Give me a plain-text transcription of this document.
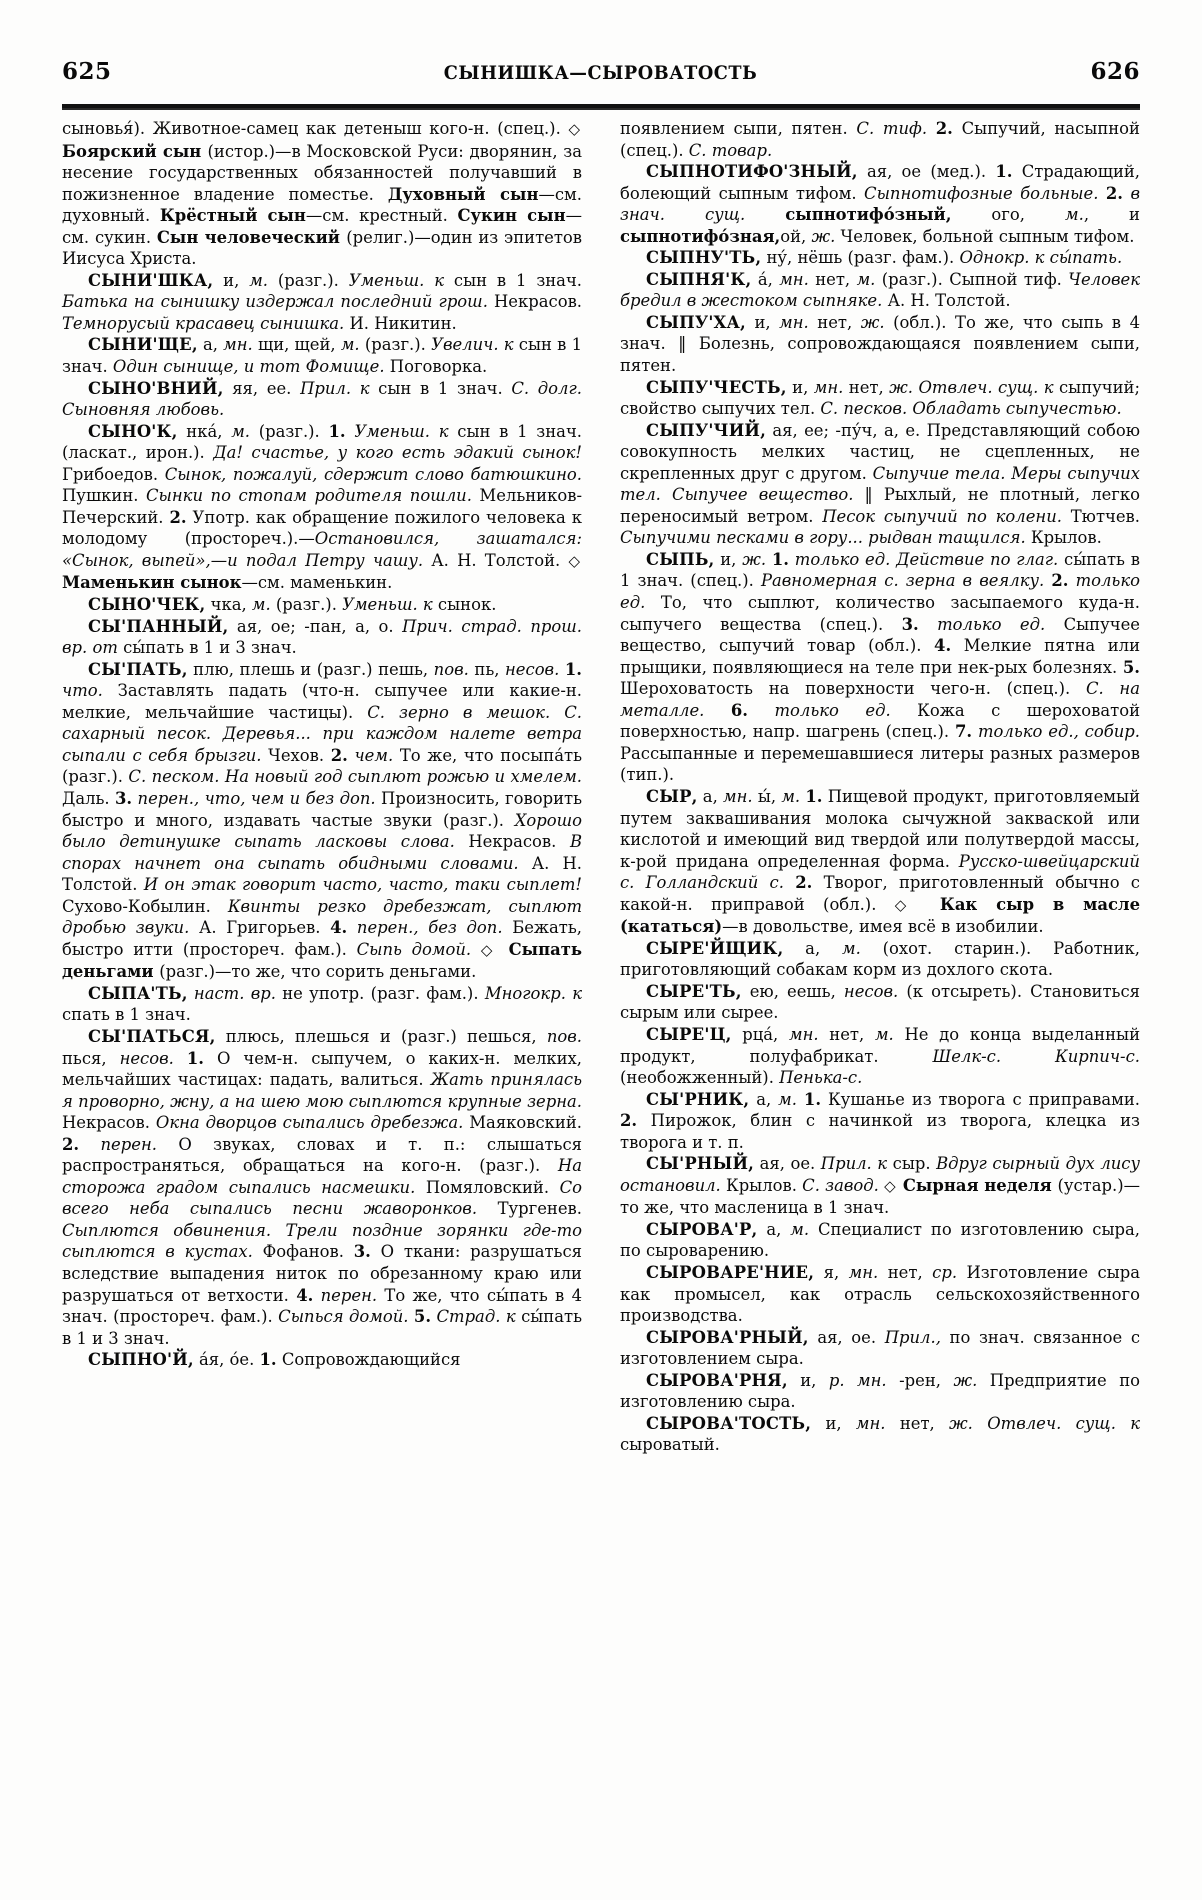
625	СЫНИШКА—СЫРОВАТОСТЬ	626

сыновья́). Животное-самец как детеныш кого-н. (спец.). ◇ Боярский сын (истор.)—в Московской Руси: дворянин, за несение государственных обязанностей получавший в пожизненное владение поместье. Духовный сын—см. духовный. Крёстный сын—см. крестный. Сукин сын—см. сукин. Сын человеческий (религ.)—один из эпитетов Иисуса Христа.

СЫНИ'ШКА, и, м. (разг.). Уменьш. к сын в 1 знач. Батька на сынишку издержал последний грош. Некрасов. Темнорусый красавец сынишка. И. Никитин.

СЫНИ'ЩЕ, а, мн. щи, щей, м. (разг.). Увелич. к сын в 1 знач. Один сынище, и тот Фомище. Поговорка.

СЫНО'ВНИЙ, яя, ее. Прил. к сын в 1 знач. С. долг. Сыновняя любовь.

СЫНО'К, нка́, м. (разг.). 1. Уменьш. к сын в 1 знач. (ласкат., ирон.). Да! счастье, у кого есть эдакий сынок! Грибоедов. Сынок, пожалуй, сдержит слово батюшкино. Пушкин. Сынки по стопам родителя пошли. Мельников-Печерский. 2. Употр. как обращение пожилого человека к молодому (простореч.).—Остановился, зашатался: «Сынок, выпей»,—и подал Петру чашу. А. Н. Толстой. ◇ Маменькин сынок—см. маменькин.

СЫНО'ЧЕК, чка, м. (разг.). Уменьш. к сынок.

СЫ'ПАННЫЙ, ая, ое; -пан, а, о. Прич. страд. прош. вр. от сы́пать в 1 и 3 знач.

СЫ'ПАТЬ, плю, плешь и (разг.) пешь, пов. пь, несов. 1. что. Заставлять падать (что-н. сыпучее или какие-н. мелкие, мельчайшие частицы). С. зерно в мешок. С. сахарный песок. Деревья... при каждом налете ветра сыпали с себя брызги. Чехов. 2. чем. То же, что посыпа́ть (разг.). С. песком. На новый год сыплют рожью и хмелем. Даль. 3. перен., что, чем и без доп. Произносить, говорить быстро и много, издавать частые звуки (разг.). Хорошо было детинушке сыпать ласковы слова. Некрасов. В спорах начнет она сыпать обидными словами. А. Н. Толстой. И он этак говорит часто, часто, таки сыплет! Сухово-Кобылин. Квинты резко дребезжат, сыплют дробью звуки. А. Григорьев. 4. перен., без доп. Бежать, быстро итти (простореч. фам.). Сыпь домой. ◇ Сыпать деньгами (разг.)—то же, что сорить деньгами.

СЫПА'ТЬ, наст. вр. не употр. (разг. фам.). Многокр. к спать в 1 знач.

СЫ'ПАТЬСЯ, плюсь, плешься и (разг.) пешься, пов. пься, несов. 1. О чем-н. сыпучем, о каких-н. мелких, мельчайших частицах: падать, валиться. Жать принялась я проворно, жну, а на шею мою сыплются крупные зерна. Некрасов. Окна дворцов сыпались дребезжа. Маяковский. 2. перен. О звуках, словах и т. п.: слышаться распространяться, обращаться на кого-н. (разг.). На сторожа градом сыпались насмешки. Помяловский. Со всего неба сыпались песни жаворонков. Тургенев. Сыплются обвинения. Трели поздние зорянки где-то сыплются в кустах. Фофанов. 3. О ткани: разрушаться вследствие выпадения ниток по обрезанному краю или разрушаться от ветхости. 4. перен. То же, что сы́пать в 4 знач. (простореч. фам.). Сыпься домой. 5. Страд. к сы́пать в 1 и 3 знач.

СЫПНО'Й, а́я, о́е. 1. Сопровождающийся

появлением сыпи, пятен. С. тиф. 2. Сыпучий, насыпной (спец.). С. товар.

СЫПНОТИФО'ЗНЫЙ, ая, ое (мед.). 1. Страдающий, болеющий сыпным тифом. Сыпнотифозные больные. 2. в знач. сущ. сыпнотифо́зный, ого, м., и сыпнотифо́зная,ой, ж. Человек, больной сыпным тифом.

СЫПНУ'ТЬ, ну́, нёшь (разг. фам.). Однокр. к сы́пать.

СЫПНЯ'К, а́, мн. нет, м. (разг.). Сыпной тиф. Человек бредил в жестоком сыпняке. А. Н. Толстой.

СЫПУ'ХА, и, мн. нет, ж. (обл.). То же, что сыпь в 4 знач. ‖ Болезнь, сопровождающаяся появлением сыпи, пятен.

СЫПУ'ЧЕСТЬ, и, мн. нет, ж. Отвлеч. сущ. к сыпучий; свойство сыпучих тел. С. песков. Обладать сыпучестью.

СЫПУ'ЧИЙ, ая, ее; -пу́ч, а, е. Представляющий собою совокупность мелких частиц, не сцепленных, не скрепленных друг с другом. Сыпучие тела. Меры сыпучих тел. Сыпучее вещество. ‖ Рыхлый, не плотный, легко переносимый ветром. Песок сыпучий по колени. Тютчев. Сыпучими песками в гору... рыдван тащился. Крылов.

СЫПЬ, и, ж. 1. только ед. Действие по глаг. сы́пать в 1 знач. (спец.). Равномерная с. зерна в веялку. 2. только ед. То, что сыплют, количество засыпаемого куда-н. сыпучего вещества (спец.). 3. только ед. Сыпучее вещество, сыпучий товар (обл.). 4. Мелкие пятна или прыщики, появляющиеся на теле при нек-рых болезнях. 5. Шероховатость на поверхности чего-н. (спец.). С. на металле. 6. только ед. Кожа с шероховатой поверхностью, напр. шагрень (спец.). 7. только ед., собир. Рассыпанные и перемешавшиеся литеры разных размеров (тип.).

СЫР, а, мн. ы́, м. 1. Пищевой продукт, приготовляемый путем заквашивания молока сычужной закваской или кислотой и имеющий вид твердой или полутвердой массы, к-рой придана определенная форма. Русско-швейцарский с. Голландский с. 2. Творог, приготовленный обычно с какой-н. приправой (обл.). ◇ Как сыр в масле (кататься)—в довольстве, имея всё в изобилии.

СЫРЕ'ЙЩИК, а, м. (охот. старин.). Работник, приготовляющий собакам корм из дохлого скота.

СЫРЕ'ТЬ, ею, еешь, несов. (к отсыреть). Становиться сырым или сырее.

СЫРЕ'Ц, рца́, мн. нет, м. Не до конца выделанный продукт, полуфабрикат. Шелк-с. Кирпич-с. (необожженный). Пенька-с.

СЫ'РНИК, а, м. 1. Кушанье из творога с приправами. 2. Пирожок, блин с начинкой из творога, клецка из творога и т. п.

СЫ'РНЫЙ, ая, ое. Прил. к сыр. Вдруг сырный дух лису остановил. Крылов. С. завод. ◇ Сырная неделя (устар.)—то же, что масленица в 1 знач.

СЫРОВА'Р, а, м. Специалист по изготовлению сыра, по сыроварению.

СЫРОВАРЕ'НИЕ, я, мн. нет, ср. Изготовление сыра как промысел, как отрасль сельскохозяйственного производства.

СЫРОВА'РНЫЙ, ая, ое. Прил., по знач. связанное с изготовлением сыра.

СЫРОВА'РНЯ, и, р. мн. -рен, ж. Предприятие по изготовлению сыра.

СЫРОВА'ТОСТЬ, и, мн. нет, ж. Отвлеч. сущ. к сыроватый.
